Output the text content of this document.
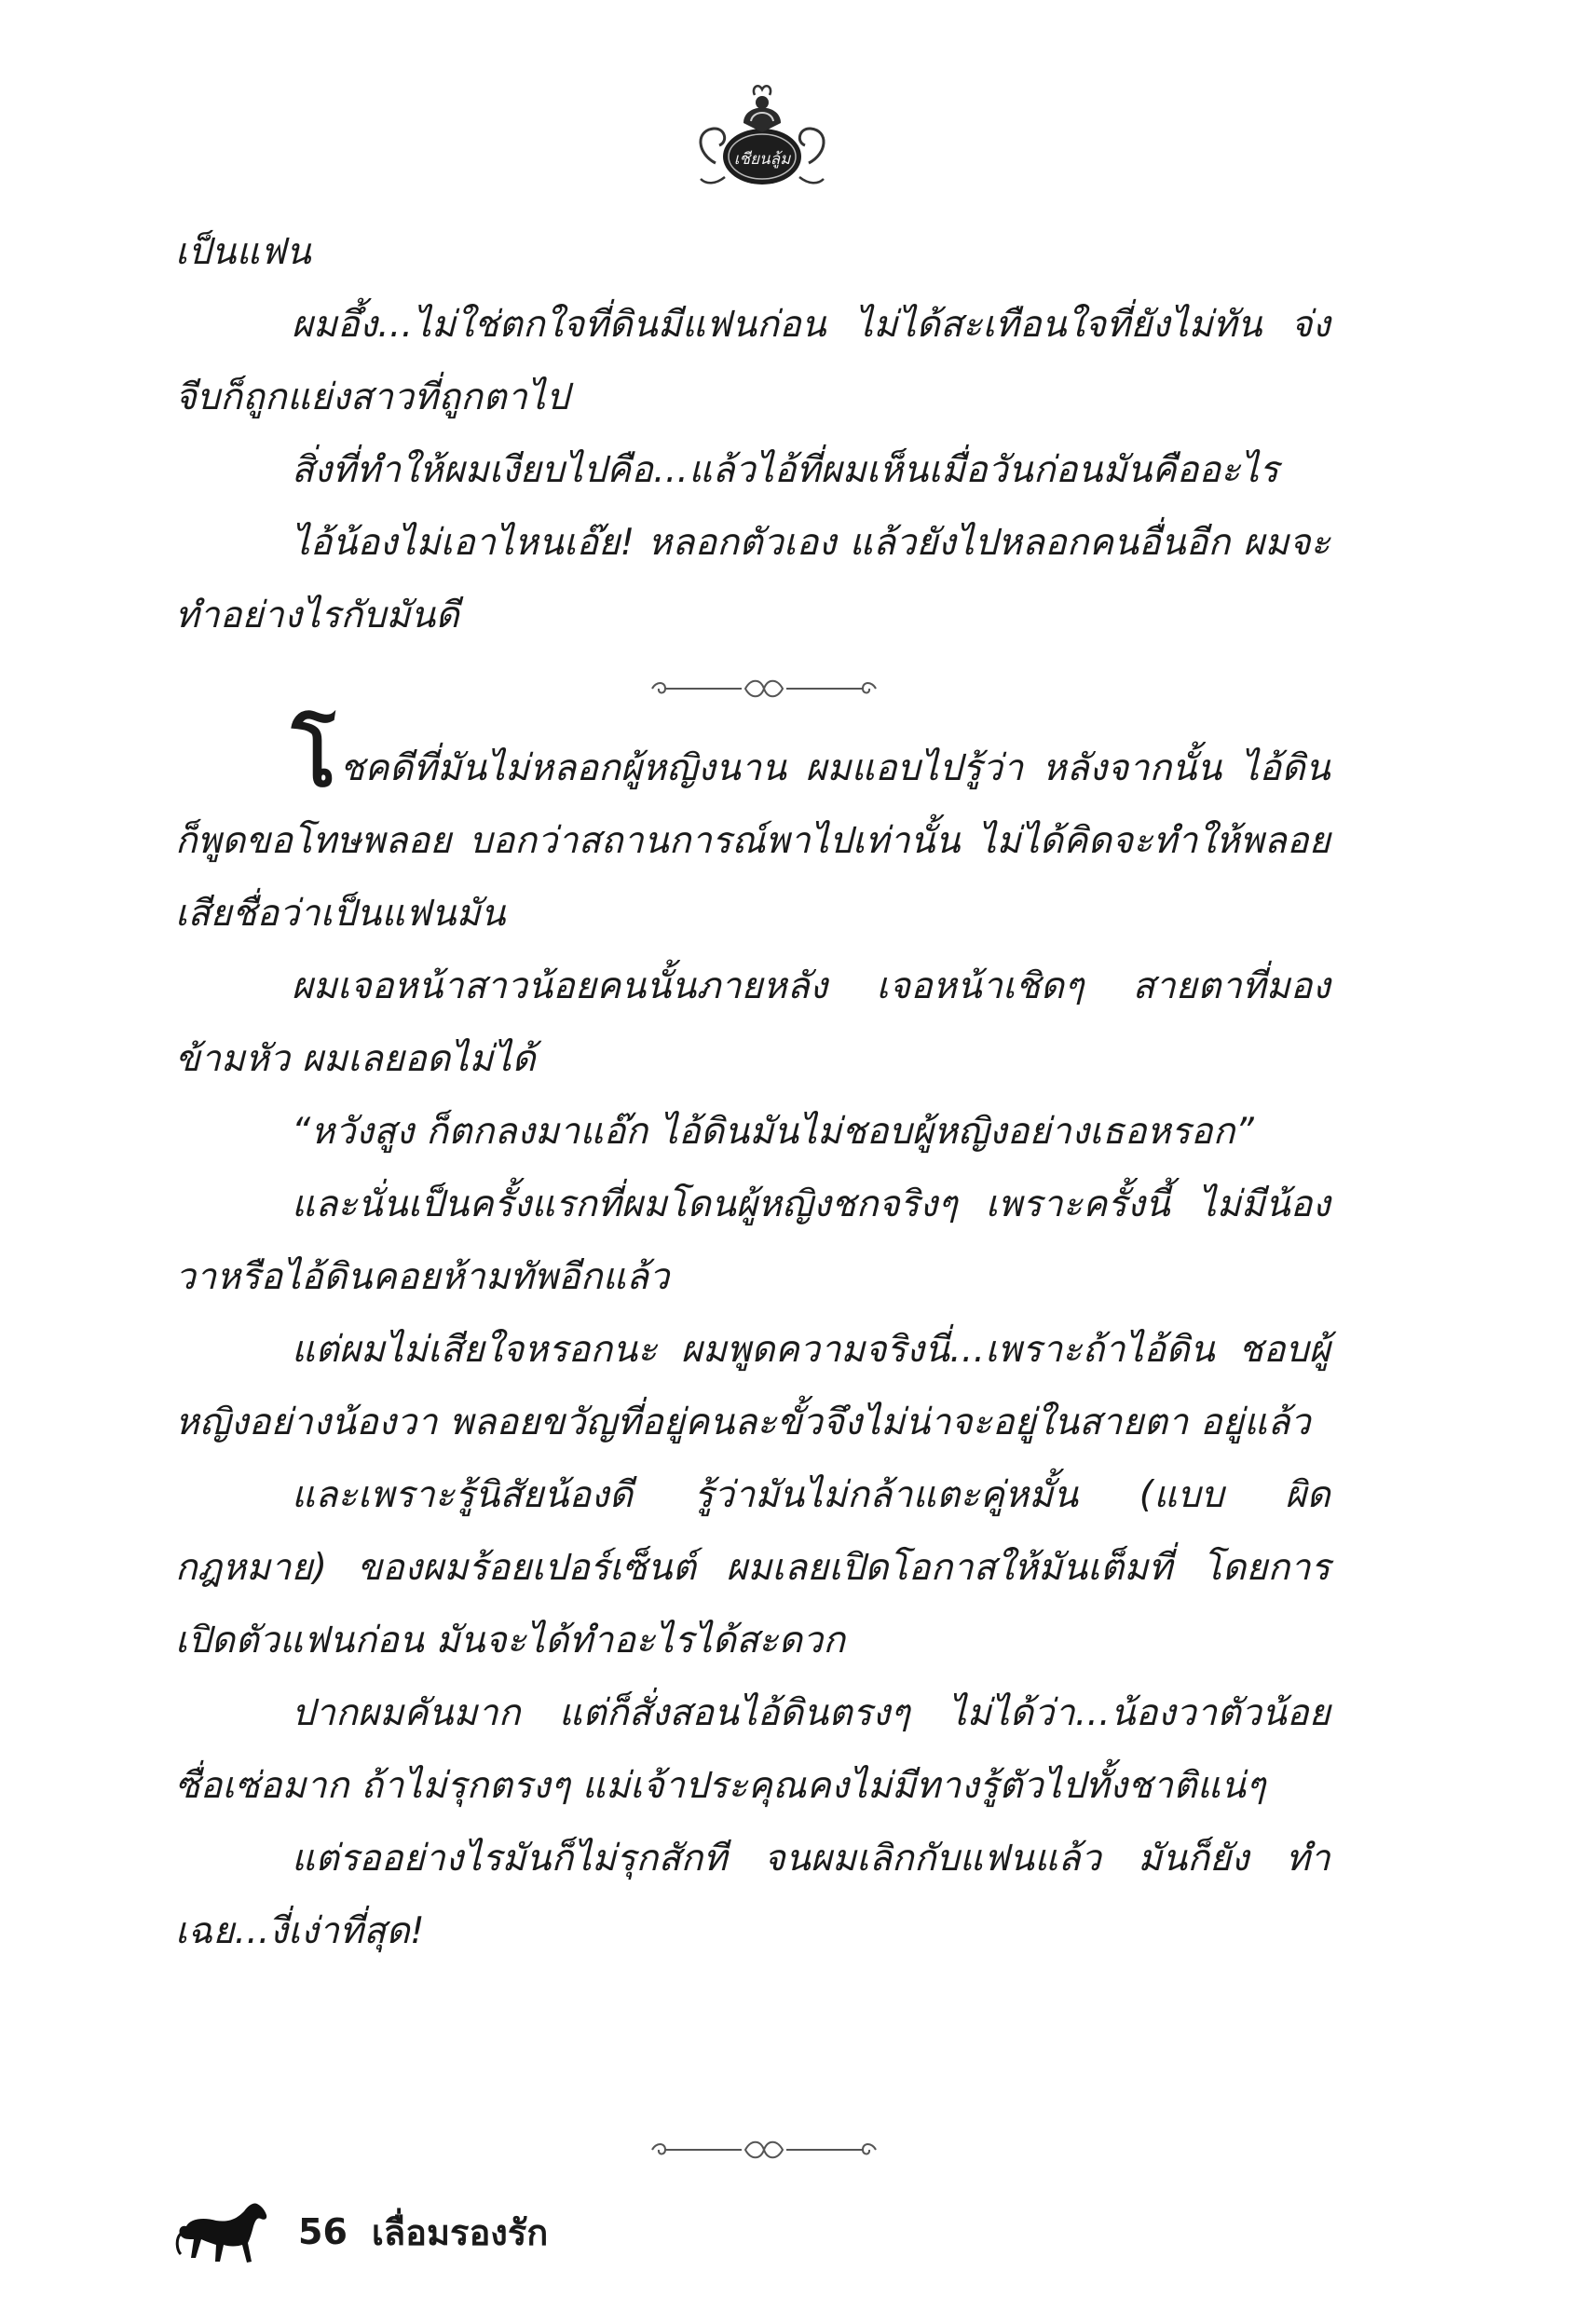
เชียนลู้ม

เป็นแฟน

ผมอึ้ง...ไม่ใช่ตกใจที่ดินมีแฟนก่อน ไม่ได้สะเทือนใจที่ยังไม่ทัน จ่งจีบก็ถูกแย่งสาวที่ถูกตาไป

สิ่งที่ทำให้ผมเงียบไปคือ...แล้วไอ้ที่ผมเห็นเมื่อวันก่อนมันคืออะไร

ไอ้น้องไม่เอาไหนเอ๊ย! หลอกตัวเอง แล้วยังไปหลอกคนอื่นอีก ผมจะทำอย่างไรกับมันดี

โชคดีที่มันไม่หลอกผู้หญิงนาน ผมแอบไปรู้ว่า หลังจากนั้น ไอ้ดินก็พูดขอโทษพลอย บอกว่าสถานการณ์พาไปเท่านั้น ไม่ได้คิดจะทำให้พลอยเสียชื่อว่าเป็นแฟนมัน

ผมเจอหน้าสาวน้อยคนนั้นภายหลัง เจอหน้าเชิดๆ สายตาที่มอง ข้ามหัว ผมเลยอดไม่ได้

“หวังสูง ก็ตกลงมาแอ๊ก ไอ้ดินมันไม่ชอบผู้หญิงอย่างเธอหรอก”

และนั่นเป็นครั้งแรกที่ผมโดนผู้หญิงชกจริงๆ เพราะครั้งนี้ ไม่มีน้องวาหรือไอ้ดินคอยห้ามทัพอีกแล้ว

แต่ผมไม่เสียใจหรอกนะ ผมพูดความจริงนี่...เพราะถ้าไอ้ดิน ชอบผู้หญิงอย่างน้องวา พลอยขวัญที่อยู่คนละขั้วจึงไม่น่าจะอยู่ในสายตา อยู่แล้ว

และเพราะรู้นิสัยน้องดี รู้ว่ามันไม่กล้าแตะคู่หมั้น (แบบ ผิดกฎหมาย) ของผมร้อยเปอร์เซ็นต์ ผมเลยเปิดโอกาสให้มันเต็มที่ โดยการเปิดตัวแฟนก่อน มันจะได้ทำอะไรได้สะดวก

ปากผมคันมาก แต่ก็สั่งสอนไอ้ดินตรงๆ ไม่ได้ว่า...น้องวาตัวน้อย ซื่อเซ่อมาก ถ้าไม่รุกตรงๆ แม่เจ้าประคุณคงไม่มีทางรู้ตัวไปทั้งชาติแน่ๆ

แต่รออย่างไรมันก็ไม่รุกสักที จนผมเลิกกับแฟนแล้ว มันก็ยัง ทำเฉย...งี่เง่าที่สุด!

56 เลื่อมรองรัก
